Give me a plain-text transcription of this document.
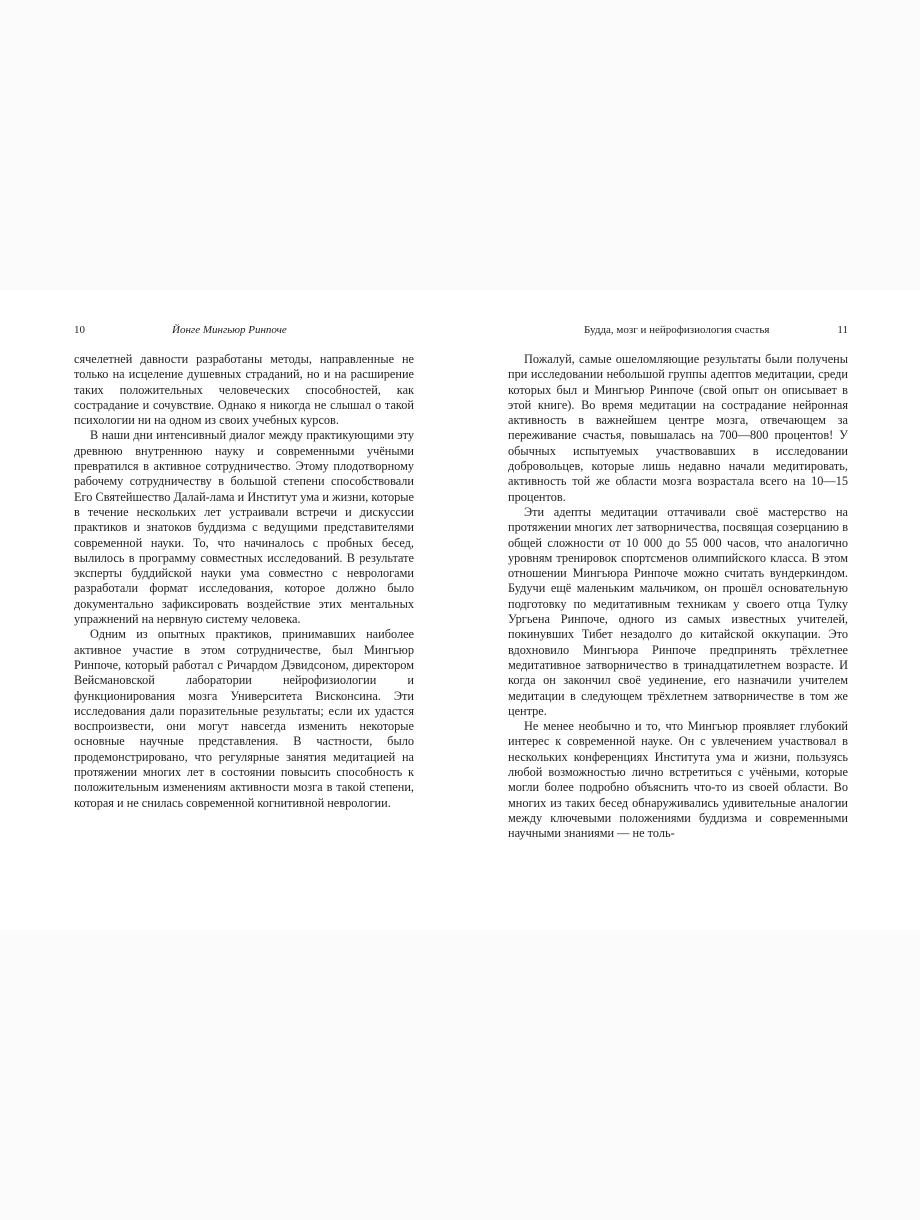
10	Йонге Мингьюр Ринпоче

сячелетней давности разработаны методы, направленные не только на исцеление душевных страданий, но и на расширение таких положительных человеческих способностей, как сострадание и сочувствие. Однако я никогда не слышал о такой психологии ни на одном из своих учебных курсов.

В наши дни интенсивный диалог между практикующими эту древнюю внутреннюю науку и современными учёными превратился в активное сотрудничество. Этому плодотворному рабочему сотрудничеству в большой степени способствовали Его Святейшество Далай-лама и Институт ума и жизни, которые в течение нескольких лет устраивали встречи и дискуссии практиков и знатоков буддизма с ведущими представителями современной науки. То, что начиналось с пробных бесед, вылилось в программу совместных исследований. В результате эксперты буддийской науки ума совместно с неврологами разработали формат исследования, которое должно было документально зафиксировать воздействие этих ментальных упражнений на нервную систему человека.

Одним из опытных практиков, принимавших наиболее активное участие в этом сотрудничестве, был Мингьюр Ринпоче, который работал с Ричардом Дэвидсоном, директором Вейсмановской лаборатории нейрофизиологии и функционирования мозга Университета Висконсина. Эти исследования дали поразительные результаты; если их удастся воспроизвести, они могут навсегда изменить некоторые основные научные представления. В частности, было продемонстрировано, что регулярные занятия медитацией на протяжении многих лет в состоянии повысить способность к положительным изменениям активности мозга в такой степени, которая и не снилась современной когнитивной неврологии.

Будда, мозг и нейрофизиология счастья	11

Пожалуй, самые ошеломляющие результаты были получены при исследовании небольшой группы адептов медитации, среди которых был и Мингьюр Ринпоче (свой опыт он описывает в этой книге). Во время медитации на сострадание нейронная активность в важнейшем центре мозга, отвечающем за переживание счастья, повышалась на 700—800 процентов! У обычных испытуемых участвовавших в исследовании добровольцев, которые лишь недавно начали медитировать, активность той же области мозга возрастала всего на 10—15 процентов.

Эти адепты медитации оттачивали своё мастерство на протяжении многих лет затворничества, посвящая созерцанию в общей сложности от 10 000 до 55 000 часов, что аналогично уровням тренировок спортсменов олимпийского класса. В этом отношении Мингьюра Ринпоче можно считать вундеркиндом. Будучи ещё маленьким мальчиком, он прошёл основательную подготовку по медитативным техникам у своего отца Тулку Ургьена Ринпоче, одного из самых известных учителей, покинувших Тибет незадолго до китайской оккупации. Это вдохновило Мингьюра Ринпоче предпринять трёхлетнее медитативное затворничество в тринадцатилетнем возрасте. И когда он закончил своё уединение, его назначили учителем медитации в следующем трёхлетнем затворничестве в том же центре.

Не менее необычно и то, что Мингьюр проявляет глубокий интерес к современной науке. Он с увлечением участвовал в нескольких конференциях Института ума и жизни, пользуясь любой возможностью лично встретиться с учёными, которые могли более подробно объяснить что-то из своей области. Во многих из таких бесед обнаруживались удивительные аналогии между ключевыми положениями буддизма и современными научными знаниями — не толь-
